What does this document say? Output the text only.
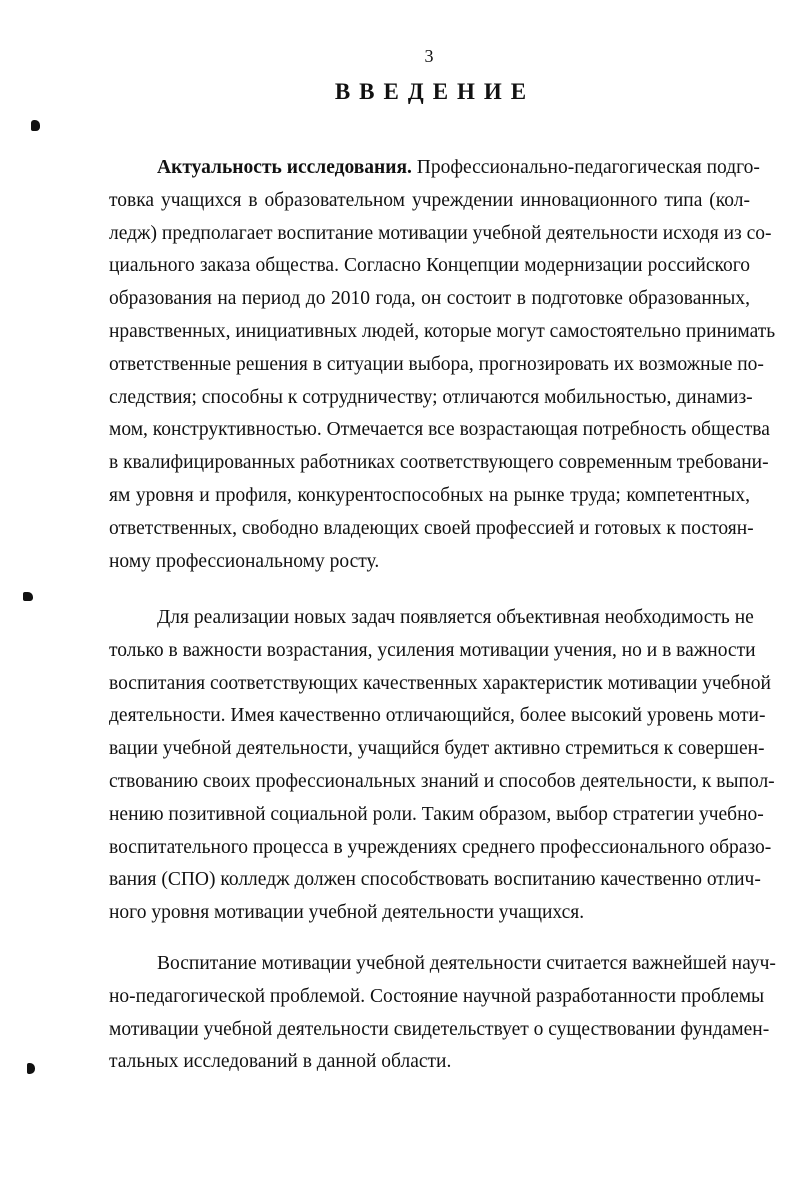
3
ВВЕДЕНИЕ
Актуальность исследования. Профессионально-педагогическая подго-
товка учащихся в образовательном учреждении инновационного типа (кол-
ледж) предполагает воспитание мотивации учебной деятельности исходя из со-
циального заказа общества. Согласно Концепции модернизации российского
образования на период до 2010 года, он состоит в подготовке образованных,
нравственных, инициативных людей, которые могут самостоятельно принимать
ответственные решения в ситуации выбора, прогнозировать их возможные по-
следствия; способны к сотрудничеству; отличаются мобильностью, динамиз-
мом, конструктивностью. Отмечается все возрастающая потребность общества
в квалифицированных работниках соответствующего современным требовани-
ям уровня и профиля, конкурентоспособных на рынке труда; компетентных,
ответственных, свободно владеющих своей профессией и готовых к постоян-
ному профессиональному росту.
Для реализации новых задач появляется объективная необходимость не
только в важности возрастания, усиления мотивации учения, но и в важности
воспитания соответствующих качественных характеристик мотивации учебной
деятельности. Имея качественно отличающийся, более высокий уровень моти-
вации учебной деятельности, учащийся будет активно стремиться к совершен-
ствованию своих профессиональных знаний и способов деятельности, к выпол-
нению позитивной социальной роли. Таким образом, выбор стратегии учебно-
воспитательного процесса в учреждениях среднего профессионального образо-
вания (СПО) колледж должен способствовать воспитанию качественно отлич-
ного уровня мотивации учебной деятельности учащихся.
Воспитание мотивации учебной деятельности считается важнейшей науч-
но-педагогической проблемой. Состояние научной разработанности проблемы
мотивации учебной деятельности свидетельствует о существовании фундамен-
тальных исследований в данной области.
